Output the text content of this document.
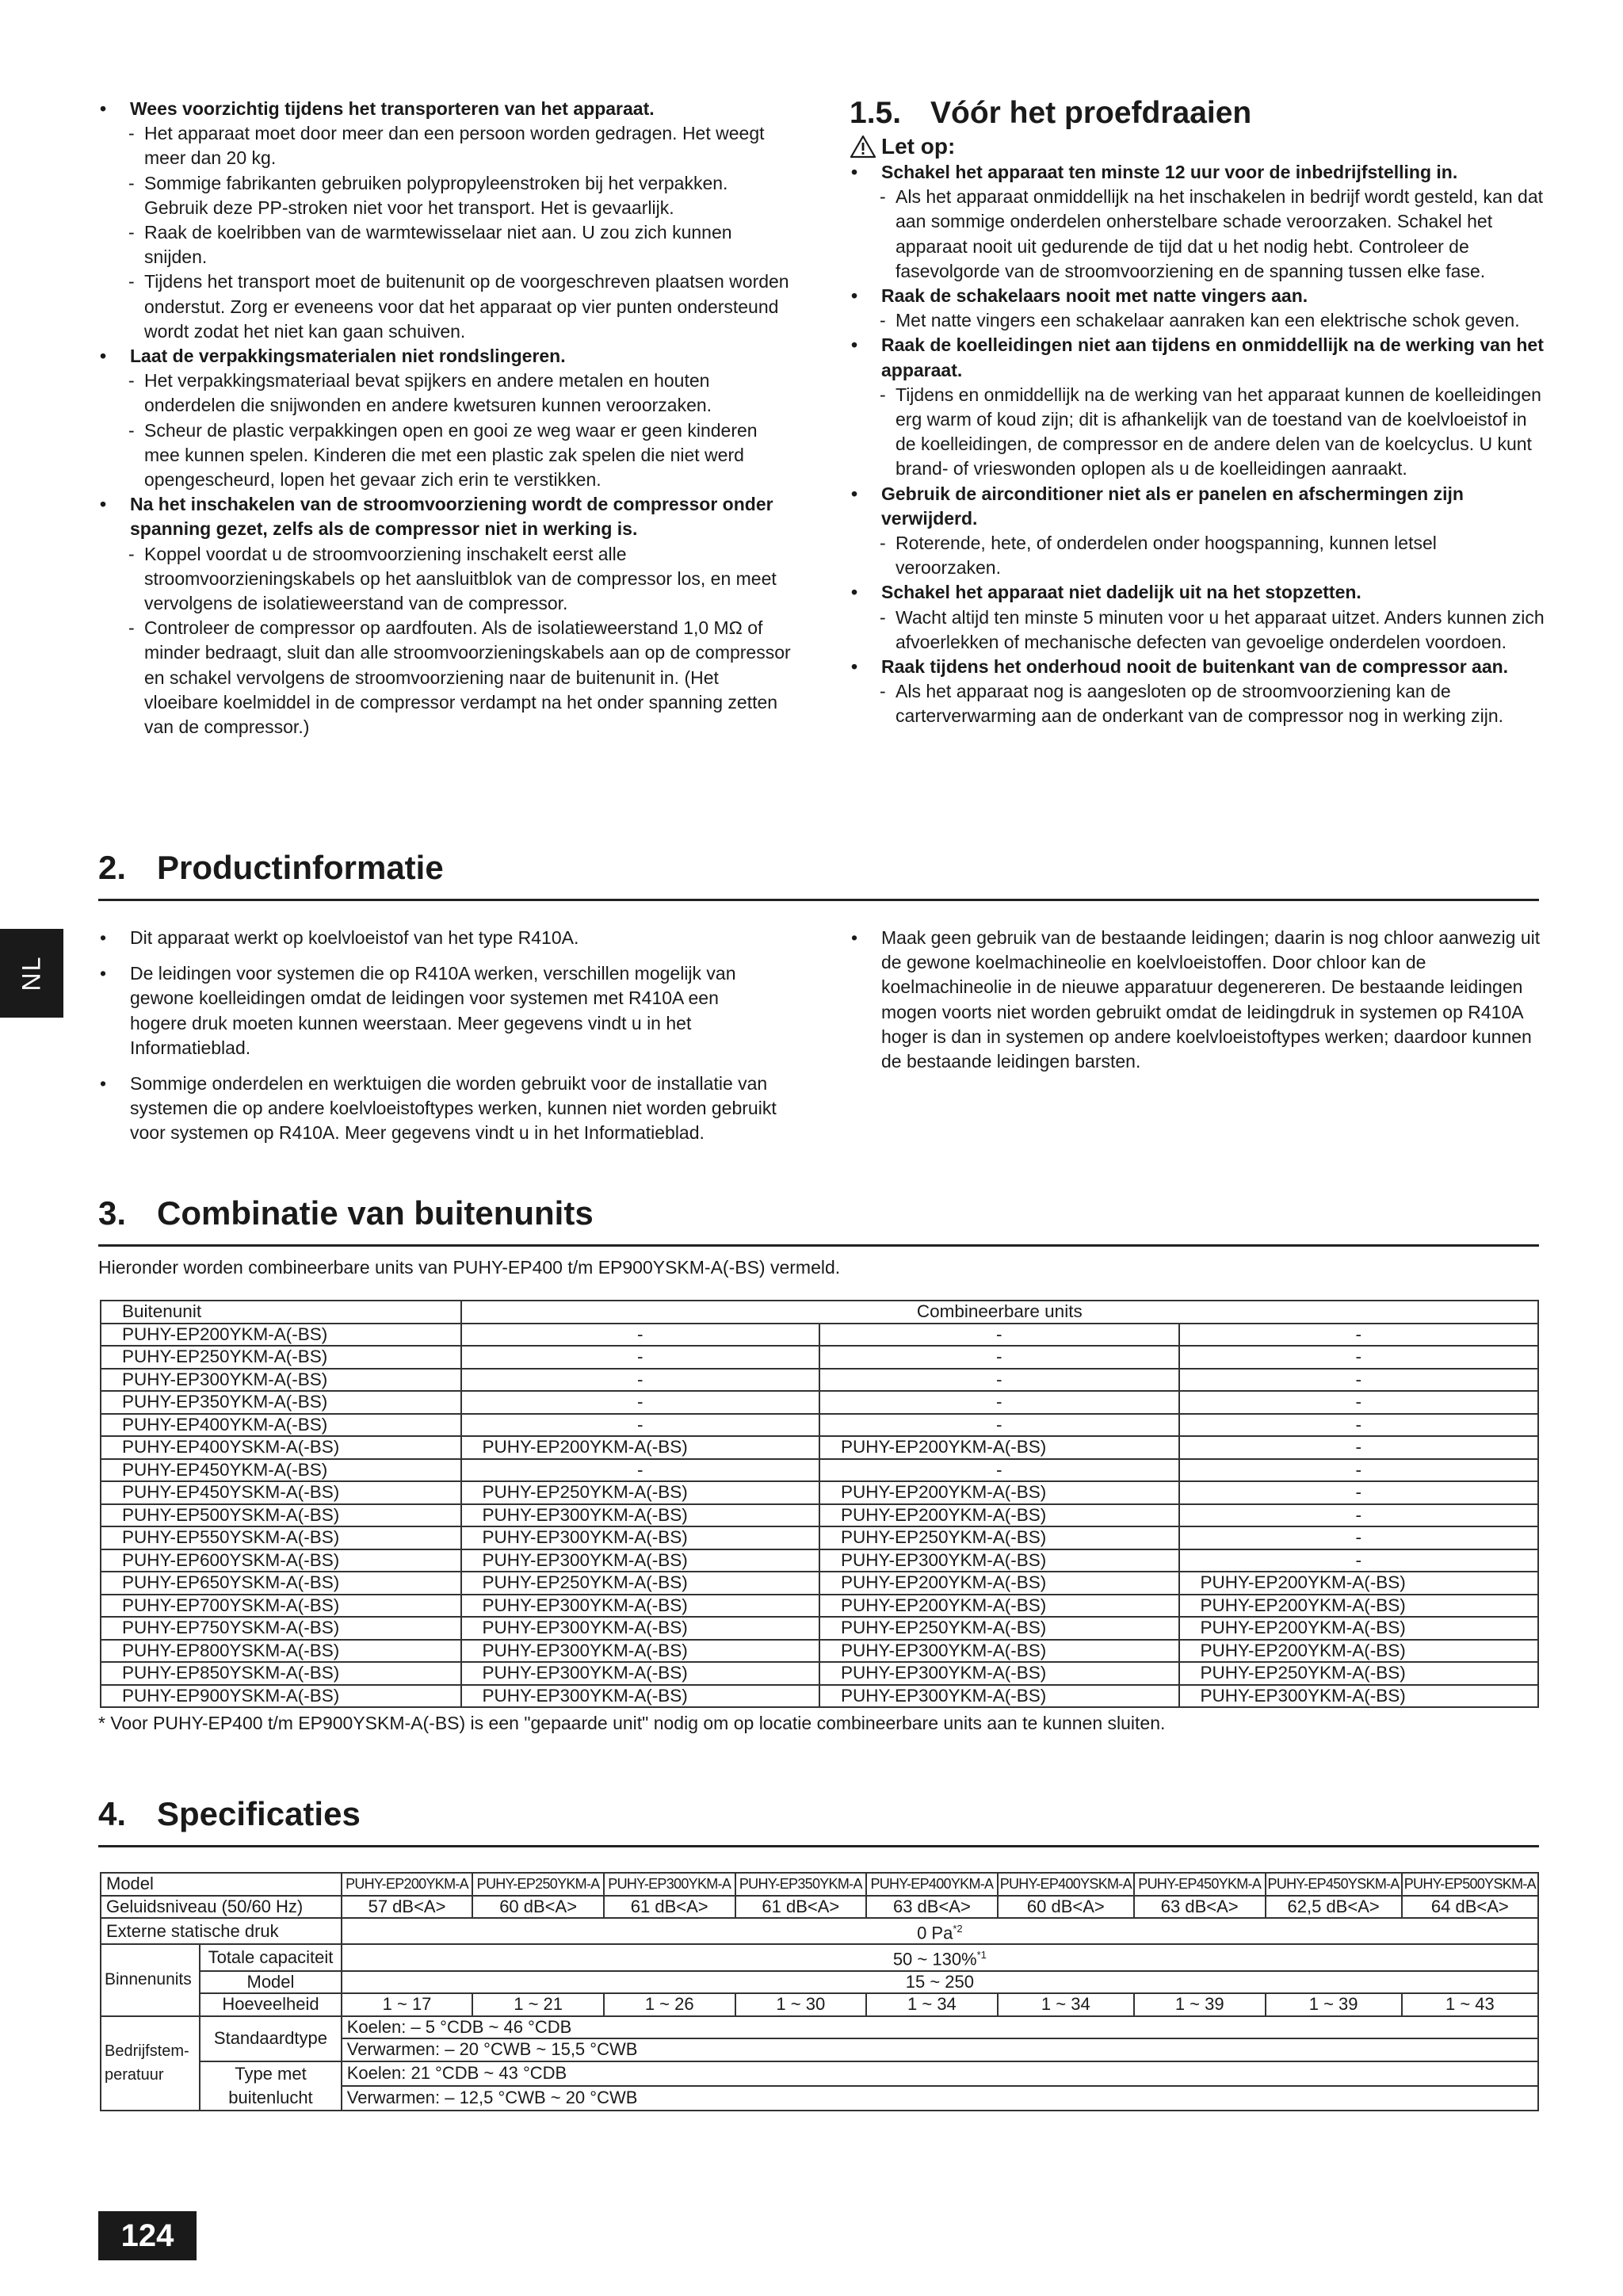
• Wees voorzichtig tijdens het transporteren van het apparaat.
- Het apparaat moet door meer dan een persoon worden gedragen. Het weegt meer dan 20 kg.
- Sommige fabrikanten gebruiken polypropyleenstroken bij het verpakken. Gebruik deze PP-stroken niet voor het transport. Het is gevaarlijk.
- Raak de koelribben van de warmtewisselaar niet aan. U zou zich kunnen snijden.
- Tijdens het transport moet de buitenunit op de voorgeschreven plaatsen worden onderstut. Zorg er eveneens voor dat het apparaat op vier punten ondersteund wordt zodat het niet kan gaan schuiven.
• Laat de verpakkingsmaterialen niet rondslingeren.
- Het verpakkingsmateriaal bevat spijkers en andere metalen en houten onderdelen die snijwonden en andere kwetsuren kunnen veroorzaken.
- Scheur de plastic verpakkingen open en gooi ze weg waar er geen kinderen mee kunnen spelen. Kinderen die met een plastic zak spelen die niet werd opengescheurd, lopen het gevaar zich erin te verstikken.
• Na het inschakelen van de stroomvoorziening wordt de compressor onder spanning gezet, zelfs als de compressor niet in werking is.
- Koppel voordat u de stroomvoorziening inschakelt eerst alle stroomvoorzieningskabels op het aansluitblok van de compressor los, en meet vervolgens de isolatieweerstand van de compressor.
- Controleer de compressor op aardfouten. Als de isolatieweerstand 1,0 MΩ of minder bedraagt, sluit dan alle stroomvoorzieningskabels aan op de compressor en schakel vervolgens de stroomvoorziening naar de buitenunit in. (Het vloeibare koelmiddel in de compressor verdampt na het onder spanning zetten van de compressor.)
1.5. Vóór het proefdraaien
Let op:
• Schakel het apparaat ten minste 12 uur voor de inbedrijfstelling in.
- Als het apparaat onmiddellijk na het inschakelen in bedrijf wordt gesteld, kan dat aan sommige onderdelen onherstelbare schade veroorzaken. Schakel het apparaat nooit uit gedurende de tijd dat u het nodig hebt. Controleer de fasevolgorde van de stroomvoorziening en de spanning tussen elke fase.
• Raak de schakelaars nooit met natte vingers aan.
- Met natte vingers een schakelaar aanraken kan een elektrische schok geven.
• Raak de koelleidingen niet aan tijdens en onmiddellijk na de werking van het apparaat.
- Tijdens en onmiddellijk na de werking van het apparaat kunnen de koelleidingen erg warm of koud zijn; dit is afhankelijk van de toestand van de koelvloeistof in de koelleidingen, de compressor en de andere delen van de koelcyclus. U kunt brand- of vrieswonden oplopen als u de koelleidingen aanraakt.
• Gebruik de airconditioner niet als er panelen en afschermingen zijn verwijderd.
- Roterende, hete, of onderdelen onder hoogspanning, kunnen letsel veroorzaken.
• Schakel het apparaat niet dadelijk uit na het stopzetten.
- Wacht altijd ten minste 5 minuten voor u het apparaat uitzet. Anders kunnen zich afvoerlekken of mechanische defecten van gevoelige onderdelen voordoen.
• Raak tijdens het onderhoud nooit de buitenkant van de compressor aan.
- Als het apparaat nog is aangesloten op de stroomvoorziening kan de carterverwarming aan de onderkant van de compressor nog in werking zijn.
2. Productinformatie
NL
• Dit apparaat werkt op koelvloeistof van het type R410A.
• De leidingen voor systemen die op R410A werken, verschillen mogelijk van gewone koelleidingen omdat de leidingen voor systemen met R410A een hogere druk moeten kunnen weerstaan. Meer gegevens vindt u in het Informatieblad.
• Sommige onderdelen en werktuigen die worden gebruikt voor de installatie van systemen die op andere koelvloeistoftypes werken, kunnen niet worden gebruikt voor systemen op R410A. Meer gegevens vindt u in het Informatieblad.
• Maak geen gebruik van de bestaande leidingen; daarin is nog chloor aanwezig uit de gewone koelmachineolie en koelvloeistoffen. Door chloor kan de koelmachineolie in de nieuwe apparatuur degenereren. De bestaande leidingen mogen voorts niet worden gebruikt omdat de leidingdruk in systemen op R410A hoger is dan in systemen op andere koelvloeistoftypes werken; daardoor kunnen de bestaande leidingen barsten.
3. Combinatie van buitenunits
Hieronder worden combineerbare units van PUHY-EP400 t/m EP900YSKM-A(-BS) vermeld.
Buitenunit	Combineerbare units		
PUHY-EP200YKM-A(-BS)	-	-	-
PUHY-EP250YKM-A(-BS)	-	-	-
PUHY-EP300YKM-A(-BS)	-	-	-
PUHY-EP350YKM-A(-BS)	-	-	-
PUHY-EP400YKM-A(-BS)	-	-	-
PUHY-EP400YSKM-A(-BS)	PUHY-EP200YKM-A(-BS)	PUHY-EP200YKM-A(-BS)	-
PUHY-EP450YKM-A(-BS)	-	-	-
PUHY-EP450YSKM-A(-BS)	PUHY-EP250YKM-A(-BS)	PUHY-EP200YKM-A(-BS)	-
PUHY-EP500YSKM-A(-BS)	PUHY-EP300YKM-A(-BS)	PUHY-EP200YKM-A(-BS)	-
PUHY-EP550YSKM-A(-BS)	PUHY-EP300YKM-A(-BS)	PUHY-EP250YKM-A(-BS)	-
PUHY-EP600YSKM-A(-BS)	PUHY-EP300YKM-A(-BS)	PUHY-EP300YKM-A(-BS)	-
PUHY-EP650YSKM-A(-BS)	PUHY-EP250YKM-A(-BS)	PUHY-EP200YKM-A(-BS)	PUHY-EP200YKM-A(-BS)
PUHY-EP700YSKM-A(-BS)	PUHY-EP300YKM-A(-BS)	PUHY-EP200YKM-A(-BS)	PUHY-EP200YKM-A(-BS)
PUHY-EP750YSKM-A(-BS)	PUHY-EP300YKM-A(-BS)	PUHY-EP250YKM-A(-BS)	PUHY-EP200YKM-A(-BS)
PUHY-EP800YSKM-A(-BS)	PUHY-EP300YKM-A(-BS)	PUHY-EP300YKM-A(-BS)	PUHY-EP200YKM-A(-BS)
PUHY-EP850YSKM-A(-BS)	PUHY-EP300YKM-A(-BS)	PUHY-EP300YKM-A(-BS)	PUHY-EP250YKM-A(-BS)
PUHY-EP900YSKM-A(-BS)	PUHY-EP300YKM-A(-BS)	PUHY-EP300YKM-A(-BS)	PUHY-EP300YKM-A(-BS)
* Voor PUHY-EP400 t/m EP900YSKM-A(-BS) is een "gepaarde unit" nodig om op locatie combineerbare units aan te kunnen sluiten.
4. Specificaties
Model		PUHY-EP200YKM-A	PUHY-EP250YKM-A	PUHY-EP300YKM-A	PUHY-EP350YKM-A	PUHY-EP400YKM-A	PUHY-EP400YSKM-A	PUHY-EP450YKM-A	PUHY-EP450YSKM-A	PUHY-EP500YSKM-A
Geluidsniveau (50/60 Hz)		57 dB<A>	60 dB<A>	61 dB<A>	61 dB<A>	63 dB<A>	60 dB<A>	63 dB<A>	62,5 dB<A>	64 dB<A>
Externe statische druk		0 Pa$^{*2}$
Binnenunits	Totale capaciteit	50 ~ 130%$^{*1}$
	Model	15 ~ 250								
	Hoeveelheid	1 ~ 17	1 ~ 21	1 ~ 26	1 ~ 30	1 ~ 34	1 ~ 34	1 ~ 39	1 ~ 39	1 ~ 43
Bedrijfstem-peratuur	Standaardtype	Koelen: – 5 °CDB ~ 46 °CDB								
		Verwarmen: – 20 °CWB ~ 15,5 °CWB								
	Type met buitenlucht	Koelen: 21 °CDB ~ 43 °CDB								
		Verwarmen: – 12,5 °CWB ~ 20 °CWB								
124
